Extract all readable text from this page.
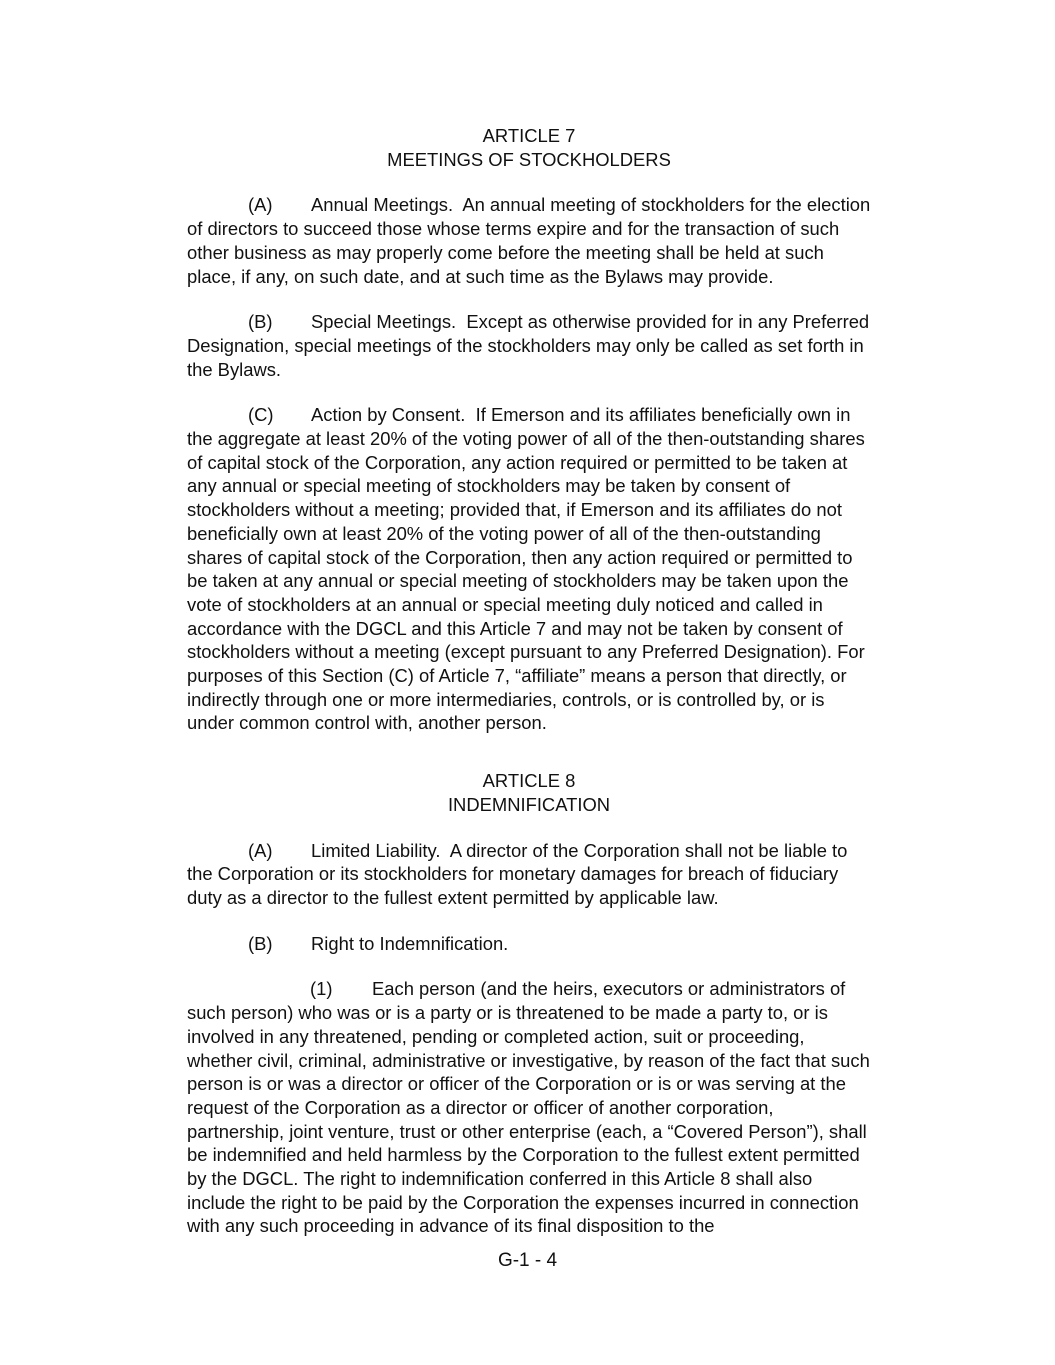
ARTICLE 7

MEETINGS OF STOCKHOLDERS

(A) Annual Meetings. An annual meeting of stockholders for the election of directors to succeed those whose terms expire and for the transaction of such other business as may properly come before the meeting shall be held at such place, if any, on such date, and at such time as the Bylaws may provide.

(B) Special Meetings. Except as otherwise provided for in any Preferred Designation, special meetings of the stockholders may only be called as set forth in the Bylaws.

(C) Action by Consent. If Emerson and its affiliates beneficially own in the aggregate at least 20% of the voting power of all of the then-outstanding shares of capital stock of the Corporation, any action required or permitted to be taken at any annual or special meeting of stockholders may be taken by consent of stockholders without a meeting; provided that, if Emerson and its affiliates do not beneficially own at least 20% of the voting power of all of the then-outstanding shares of capital stock of the Corporation, then any action required or permitted to be taken at any annual or special meeting of stockholders may be taken upon the vote of stockholders at an annual or special meeting duly noticed and called in accordance with the DGCL and this Article 7 and may not be taken by consent of stockholders without a meeting (except pursuant to any Preferred Designation). For purposes of this Section (C) of Article 7, “affiliate” means a person that directly, or indirectly through one or more intermediaries, controls, or is controlled by, or is under common control with, another person.

ARTICLE 8

INDEMNIFICATION

(A) Limited Liability. A director of the Corporation shall not be liable to the Corporation or its stockholders for monetary damages for breach of fiduciary duty as a director to the fullest extent permitted by applicable law.

(B) Right to Indemnification.

(1) Each person (and the heirs, executors or administrators of such person) who was or is a party or is threatened to be made a party to, or is involved in any threatened, pending or completed action, suit or proceeding, whether civil, criminal, administrative or investigative, by reason of the fact that such person is or was a director or officer of the Corporation or is or was serving at the request of the Corporation as a director or officer of another corporation, partnership, joint venture, trust or other enterprise (each, a “Covered Person”), shall be indemnified and held harmless by the Corporation to the fullest extent permitted by the DGCL. The right to indemnification conferred in this Article 8 shall also include the right to be paid by the Corporation the expenses incurred in connection with any such proceeding in advance of its final disposition to the

G-1 - 4
